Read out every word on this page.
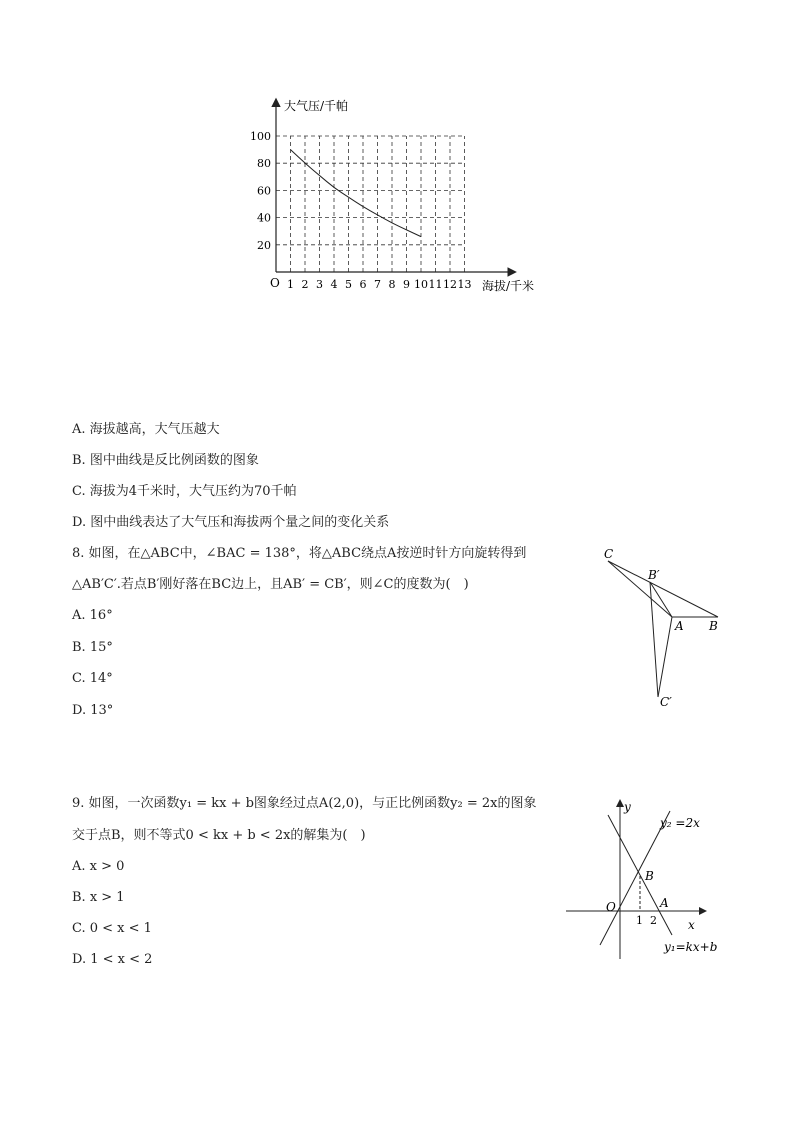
1 2 3 4 5 6 7 8 9 10 11 12 13
20
40
60
80
100
大气压/千帕
海拔/千米
O
A. 海拔越高，大气压越大
B. 图中曲线是反比例函数的图象
C. 海拔为4千米时，大气压约为70千帕
D. 图中曲线表达了大气压和海拔两个量之间的变化关系
8. 如图，在△ABC中，∠BAC = 138°，将△ABC绕点A按逆时针方向旋转得到
△AB′C′.若点B′刚好落在BC边上，且AB′ = CB′，则∠C的度数为(　)
A. 16°
B. 15°
C. 14°
D. 13°
C
B′
A B
C′
9. 如图，一次函数y₁ = kx + b图象经过点A(2,0)，与正比例函数y₂ = 2x的图象
交于点B，则不等式0 < kx + b < 2x的解集为(　)
A. x > 0
B. x > 1
C. 0 < x < 1
D. 1 < x < 2
y
x
O
y₂ =2x
y₁=kx+b
B
A
1 2
